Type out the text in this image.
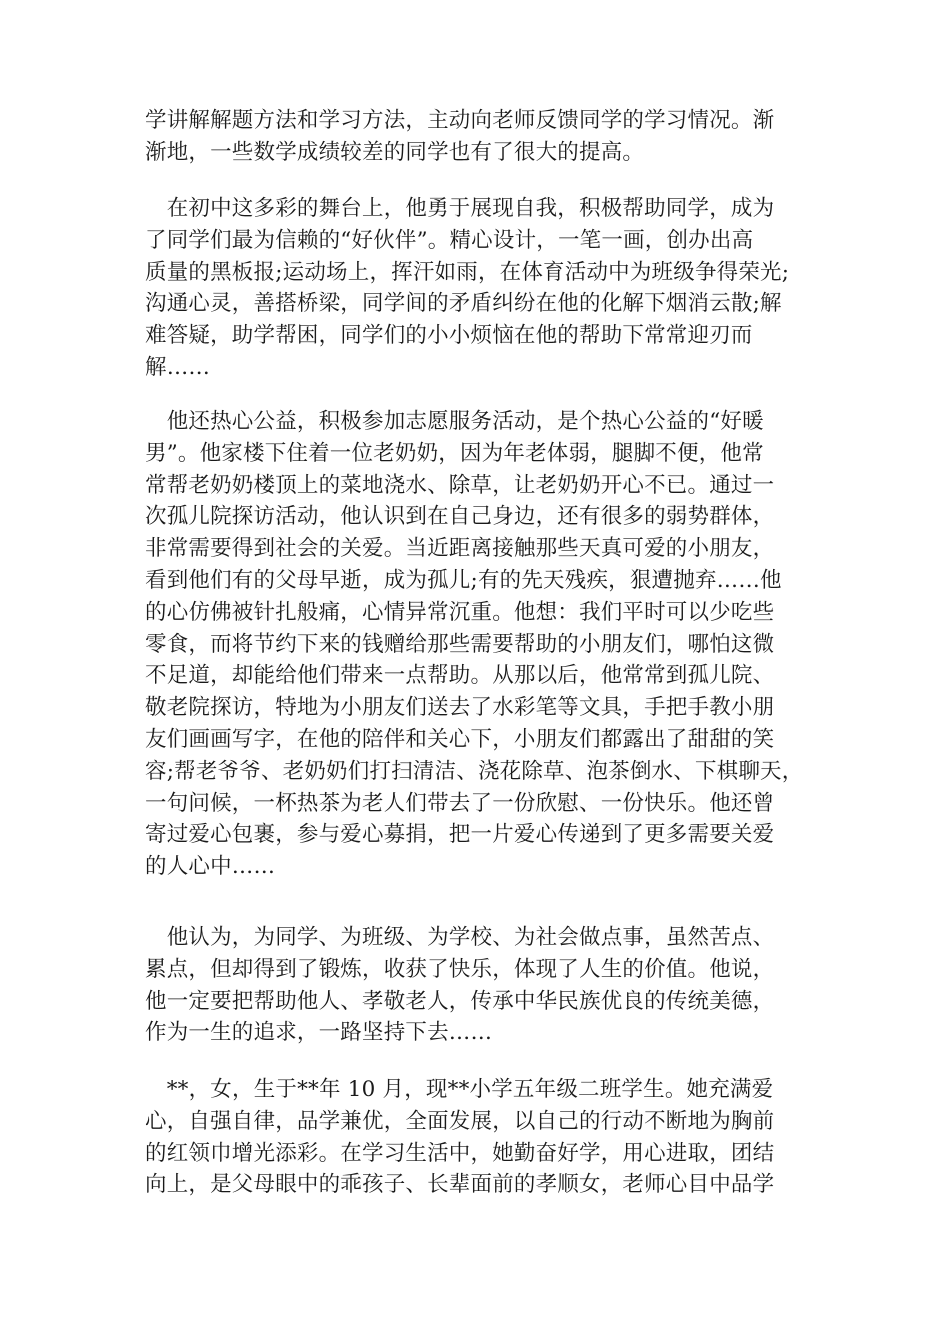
学讲解解题方法和学习方法，主动向老师反馈同学的学习情况。渐
渐地，一些数学成绩较差的同学也有了很大的提高。
　在初中这多彩的舞台上，他勇于展现自我，积极帮助同学，成为
了同学们最为信赖的“好伙伴”。精心设计，一笔一画，创办出高
质量的黑板报;运动场上，挥汗如雨，在体育活动中为班级争得荣光;
沟通心灵，善搭桥梁，同学间的矛盾纠纷在他的化解下烟消云散;解
难答疑，助学帮困，同学们的小小烦恼在他的帮助下常常迎刃而
解……
　他还热心公益，积极参加志愿服务活动，是个热心公益的“好暖
男”。他家楼下住着一位老奶奶，因为年老体弱，腿脚不便，他常
常帮老奶奶楼顶上的菜地浇水、除草，让老奶奶开心不已。通过一
次孤儿院探访活动，他认识到在自己身边，还有很多的弱势群体，
非常需要得到社会的关爱。当近距离接触那些天真可爱的小朋友，
看到他们有的父母早逝，成为孤儿;有的先天残疾，狠遭抛弃……他
的心仿佛被针扎般痛，心情异常沉重。他想：我们平时可以少吃些
零食，而将节约下来的钱赠给那些需要帮助的小朋友们，哪怕这微
不足道，却能给他们带来一点帮助。从那以后，他常常到孤儿院、
敬老院探访，特地为小朋友们送去了水彩笔等文具，手把手教小朋
友们画画写字，在他的陪伴和关心下，小朋友们都露出了甜甜的笑
容;帮老爷爷、老奶奶们打扫清洁、浇花除草、泡茶倒水、下棋聊天，
一句问候，一杯热茶为老人们带去了一份欣慰、一份快乐。他还曾
寄过爱心包裹，参与爱心募捐，把一片爱心传递到了更多需要关爱
的人心中……
　他认为，为同学、为班级、为学校、为社会做点事，虽然苦点、
累点，但却得到了锻炼，收获了快乐，体现了人生的价值。他说，
他一定要把帮助他人、孝敬老人，传承中华民族优良的传统美德，
作为一生的追求，一路坚持下去……
　**，女，生于**年 10 月，现**小学五年级二班学生。她充满爱
心，自强自律，品学兼优，全面发展，以自己的行动不断地为胸前
的红领巾增光添彩。在学习生活中，她勤奋好学，用心进取，团结
向上，是父母眼中的乖孩子、长辈面前的孝顺女，老师心目中品学
